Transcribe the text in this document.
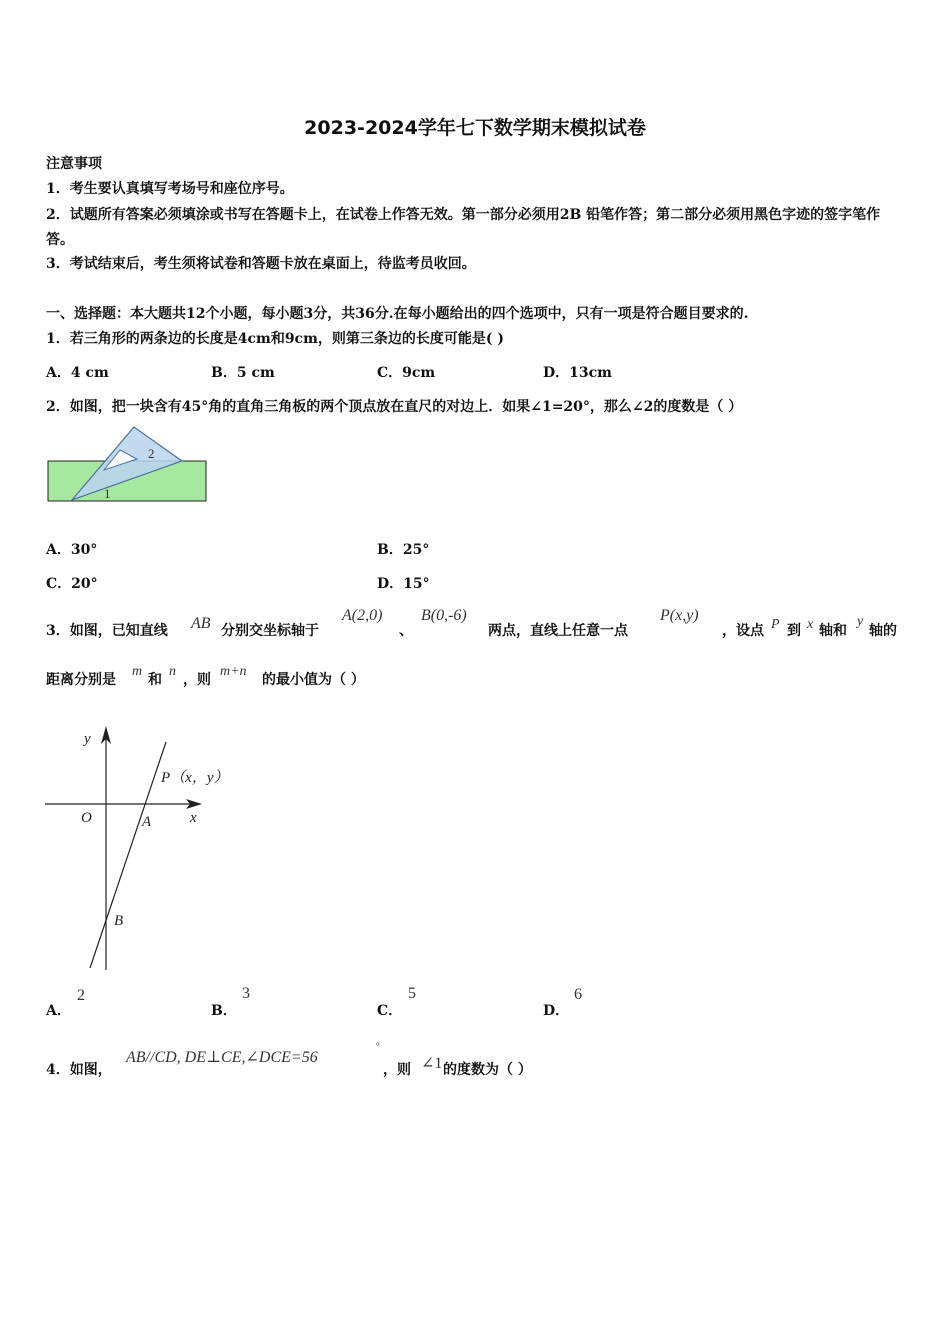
2023-2024学年七下数学期末模拟试卷
注意事项
1．考生要认真填写考场号和座位序号。
2．试题所有答案必须填涂或书写在答题卡上，在试卷上作答无效。第一部分必须用2B 铅笔作答；第二部分必须用黑色字迹的签字笔作答。
3．考试结束后，考生须将试卷和答题卡放在桌面上，待监考员收回。
一、选择题：本大题共12个小题，每小题3分，共36分.在每小题给出的四个选项中，只有一项是符合题目要求的.
1．若三角形的两条边的长度是4cm和9cm，则第三条边的长度可能是( )
A．4 cm	B．5 cm	C．9cm	D．13cm
2．如图，把一块含有45°角的直角三角板的两个顶点放在直尺的对边上．如果∠1=20°，那么∠2的度数是（ ）
2
1
A．30°	B．25°
C．20°	D．15°
3．如图，已知直线 AB 分别交坐标轴于
A(2,0)
、
B(0,-6)
两点，直线上任意一点
P(x,y)
，设点 P 到 x 轴和
y
轴的
距离分别是
m
和
n
，则
m+n
的最小值为（ ）
y
x
O	A
B
P（x，y）
A．
2
B．
3
C．
5
D．
6
4．如图，
AB//CD, DE⊥CE,∠DCE=56
°
，则 ∠1 的度数为（ ）
